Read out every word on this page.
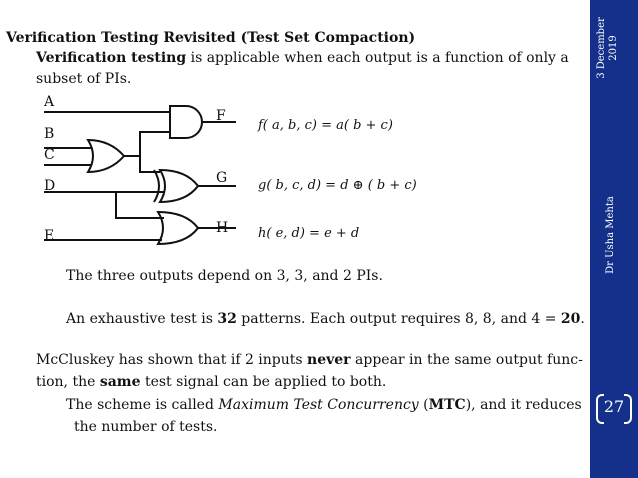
3 December
2019
Dr Usha Mehta
27
Verification Testing Revisited (Test Set Compaction)
Verification testing is applicable when each output is a function of only a
subset of PIs.
A
B
C
D
E
F
G
H
f( a, b, c) = a( b + c)
g( b, c, d) = d ⊕ ( b + c)
h( e, d) = e + d
The three outputs depend on 3, 3, and 2 PIs.
An exhaustive test is 32 patterns. Each output requires 8, 8, and 4 = 20.
McCluskey has shown that if 2 inputs never appear in the same output func-
tion, the same test signal can be applied to both.
The scheme is called Maximum Test Concurrency (MTC), and it reduces
the number of tests.
